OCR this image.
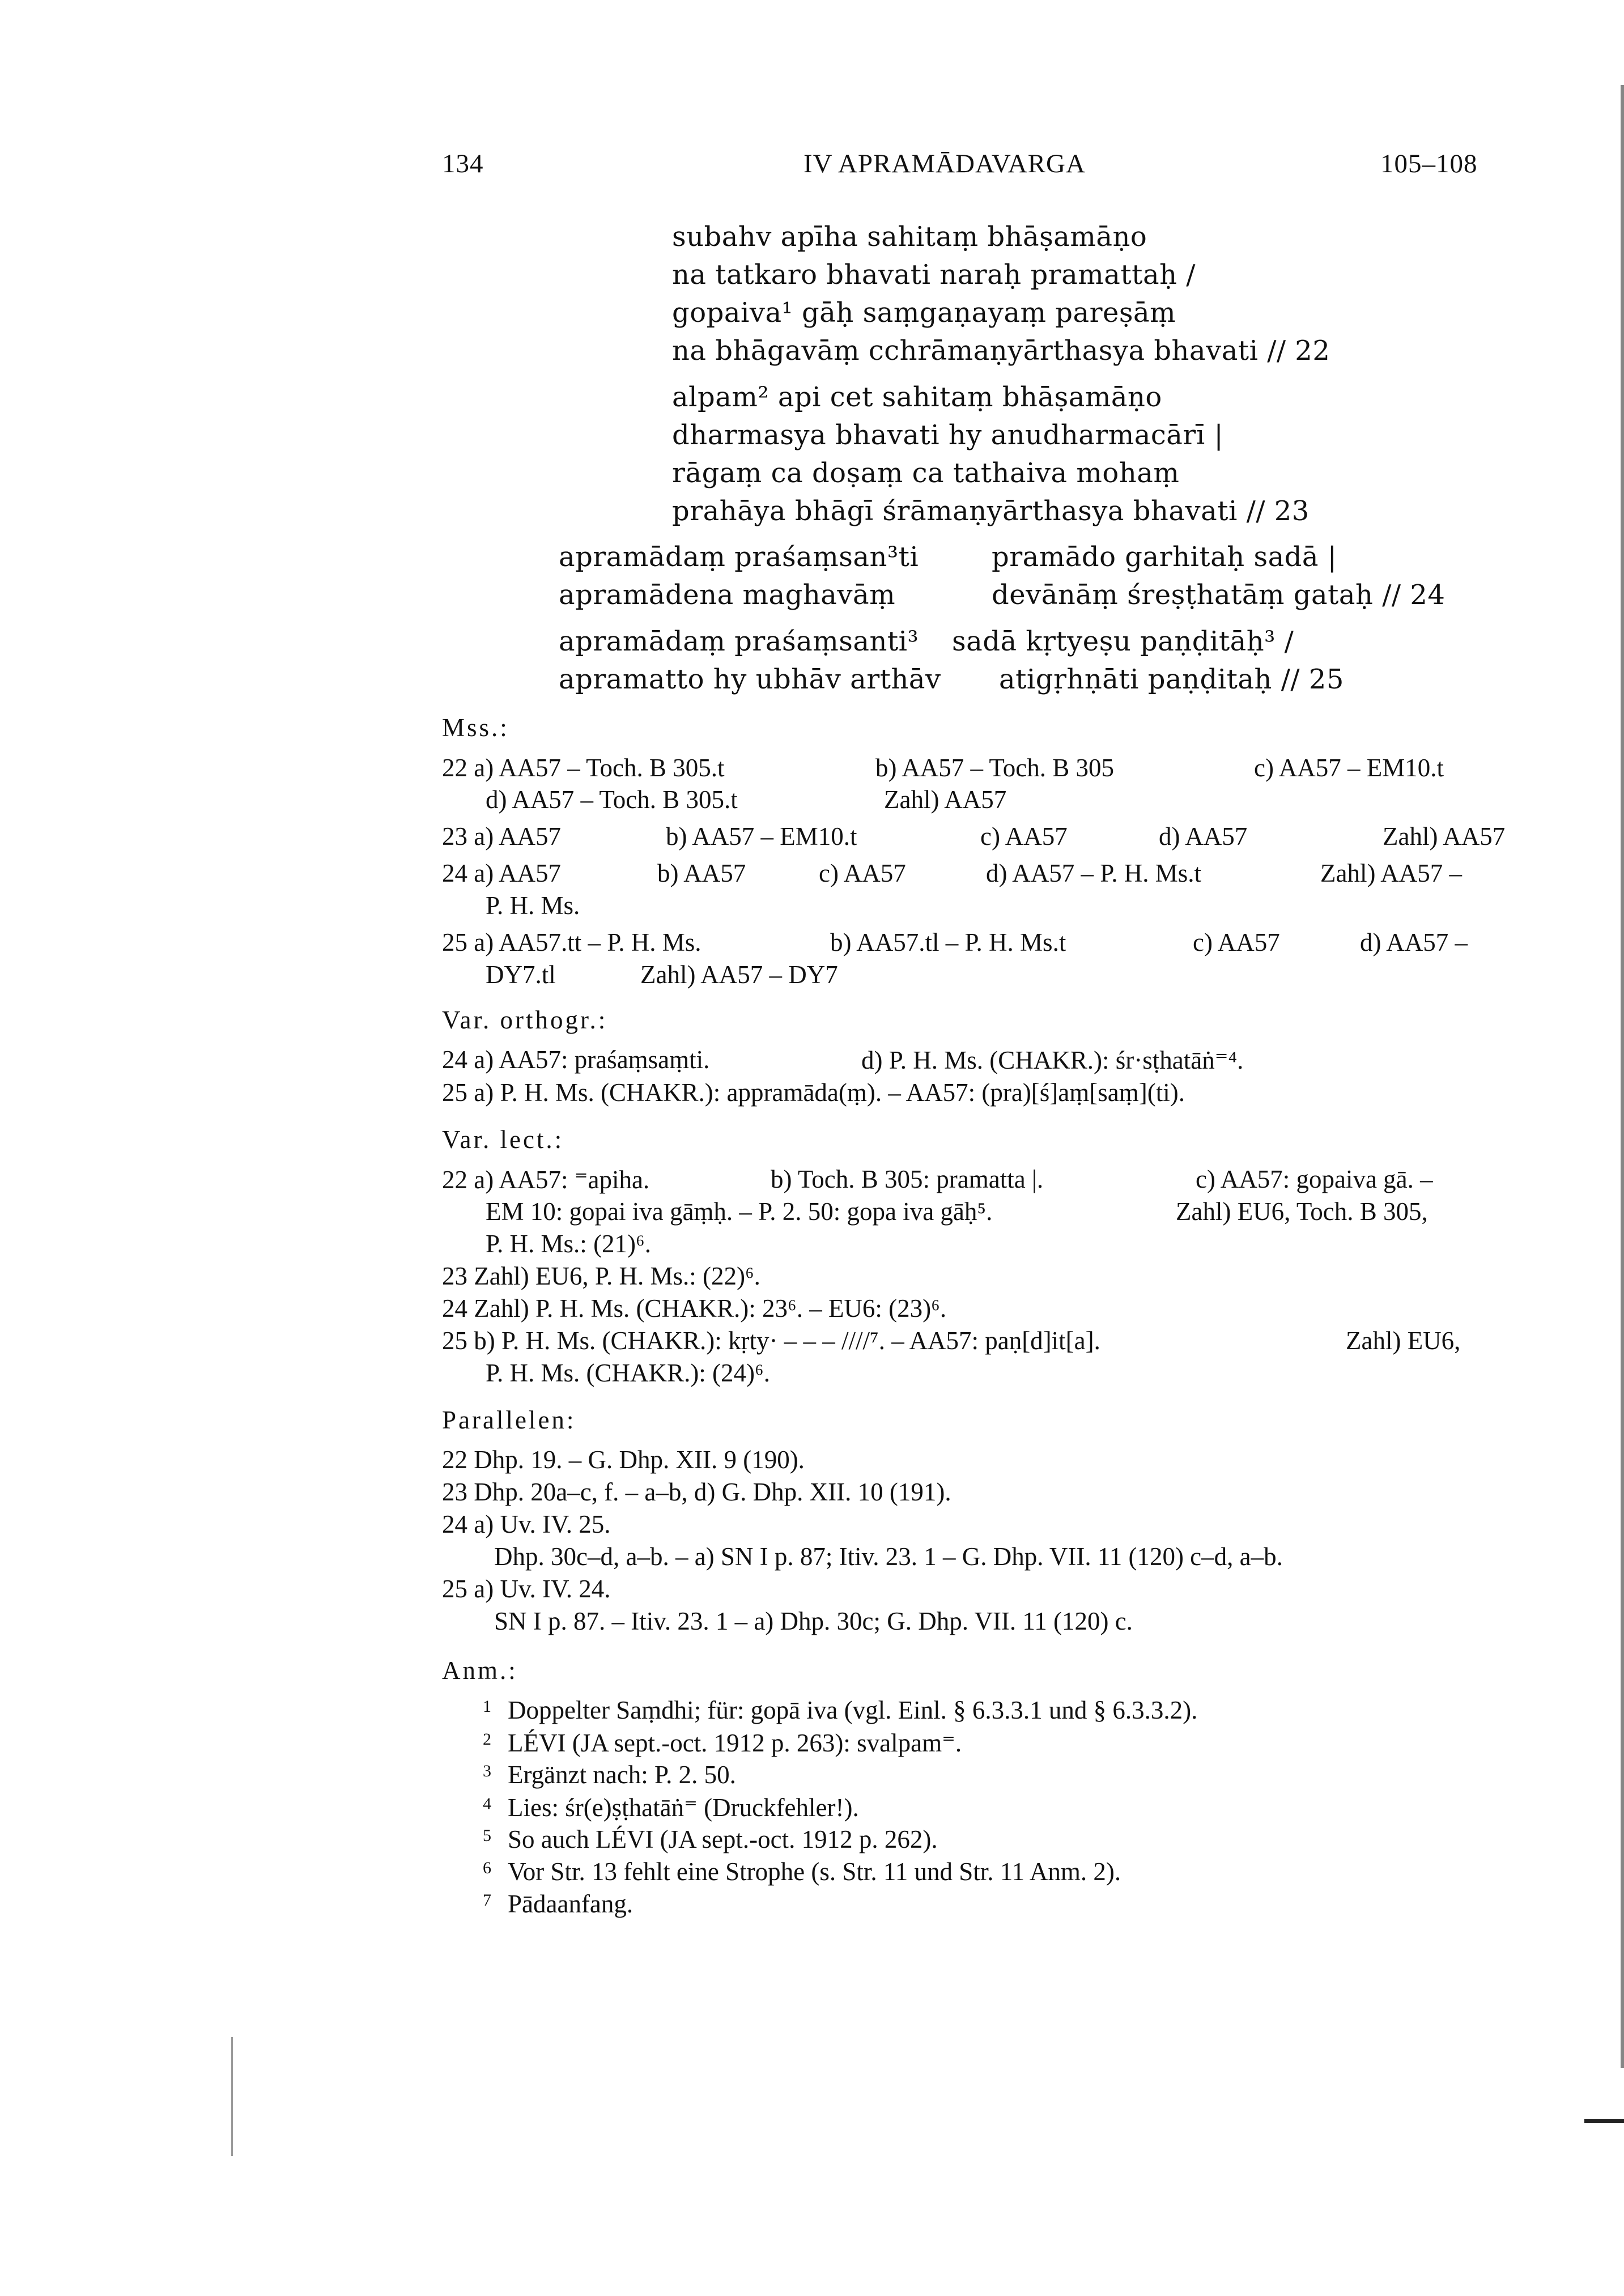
134	IV APRAMĀDAVARGA	105–108
subahv apīha sahitaṃ bhāṣamāṇo
na tatkaro bhavati naraḥ pramattaḥ /
gopaiva¹ gāḥ saṃgaṇayaṃ pareṣāṃ
na bhāgavāṃ cchrāmaṇyārthasya bhavati // 22
alpam² api cet sahitaṃ bhāṣamāṇo
dharmasya bhavati hy anudharmacārī |
rāgaṃ ca doṣaṃ ca tathaiva mohaṃ
prahāya bhāgī śrāmaṇyārthasya bhavati // 23
apramādaṃ praśaṃsan³ti	pramādo garhitaḥ sadā |
apramādena maghavāṃ	devānāṃ śreṣṭhatāṃ gataḥ // 24
apramādaṃ praśaṃsanti³ sadā kṛtyeṣu paṇḍitāḥ³ /
apramatto hy ubhāv arthāv atigṛhṇāti paṇḍitaḥ // 25
Mss.:
22 a) AA57 – Toch. B 305.t	b) AA57 – Toch. B 305	c) AA57 – EM10.t
d) AA57 – Toch. B 305.t	Zahl) AA57
23 a) AA57	b) AA57 – EM10.t	c) AA57	d) AA57	Zahl) AA57
24 a) AA57	b) AA57	c) AA57	d) AA57 – P. H. Ms.t	Zahl) AA57 –
P. H. Ms.
25 a) AA57.tt – P. H. Ms.	b) AA57.tl – P. H. Ms.t	c) AA57	d) AA57 –
DY7.tl	Zahl) AA57 – DY7
Var. orthogr.:
24 a) AA57: praśaṃsaṃti.	d) P. H. Ms. (CHAKR.): śr·sṭhatāṅ⁼⁴.
25 a) P. H. Ms. (CHAKR.): appramāda(ṃ). – AA57: (pra)[ś]aṃ[saṃ](ti).
Var. lect.:
22 a) AA57: ⁼apiha.	b) Toch. B 305: pramatta |.	c) AA57: gopaiva gā. –
EM 10: gopai iva gāṃḥ. – P. 2. 50: gopa iva gāḥ⁵.	Zahl) EU6, Toch. B 305,
P. H. Ms.: (21)⁶.
23 Zahl) EU6, P. H. Ms.: (22)⁶.
24 Zahl) P. H. Ms. (CHAKR.): 23⁶. – EU6: (23)⁶.
25 b) P. H. Ms. (CHAKR.): kṛty· – – – ////⁷. – AA57: paṇ[d]it[a].	Zahl) EU6,
P. H. Ms. (CHAKR.): (24)⁶.
Parallelen:
22 Dhp. 19. – G. Dhp. XII. 9 (190).
23 Dhp. 20a–c, f. – a–b, d) G. Dhp. XII. 10 (191).
24 a) Uv. IV. 25.
Dhp. 30c–d, a–b. – a) SN I p. 87; Itiv. 23. 1 – G. Dhp. VII. 11 (120) c–d, a–b.
25 a) Uv. IV. 24.
SN I p. 87. – Itiv. 23. 1 – a) Dhp. 30c; G. Dhp. VII. 11 (120) c.
Anm.:
1 Doppelter Saṃdhi; für: gopā iva (vgl. Einl. § 6.3.3.1 und § 6.3.3.2).
2 LÉVI (JA sept.-oct. 1912 p. 263): svalpam⁼.
3 Ergänzt nach: P. 2. 50.
4 Lies: śr(e)ṣṭhatāṅ⁼ (Druckfehler!).
5 So auch LÉVI (JA sept.-oct. 1912 p. 262).
6 Vor Str. 13 fehlt eine Strophe (s. Str. 11 und Str. 11 Anm. 2).
7 Pādaanfang.
